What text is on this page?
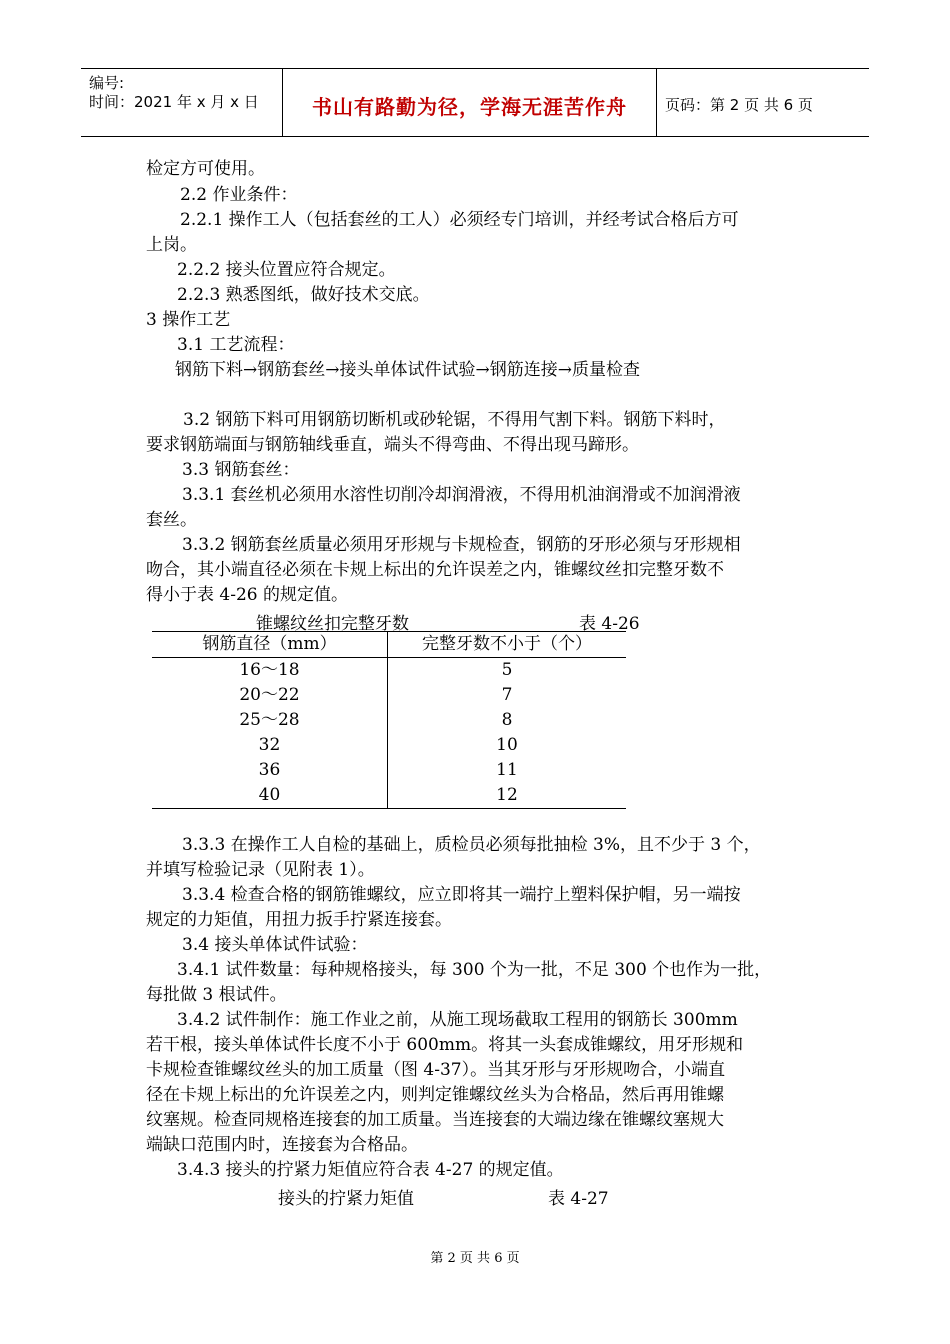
编号:
时间：2021 年 x 月 x 日	书山有路勤为径，学海无涯苦作舟	页码：第 2 页 共 6 页
检定方可使用。
2.2 作业条件：
2.2.1 操作工人（包括套丝的工人）必须经专门培训，并经考试合格后方可
上岗。
2.2.2 接头位置应符合规定。
2.2.3 熟悉图纸，做好技术交底。
3 操作工艺
3.1 工艺流程：
钢筋下料→钢筋套丝→接头单体试件试验→钢筋连接→质量检查
3.2 钢筋下料可用钢筋切断机或砂轮锯，不得用气割下料。钢筋下料时，
要求钢筋端面与钢筋轴线垂直，端头不得弯曲、不得出现马蹄形。
3.3 钢筋套丝：
3.3.1 套丝机必须用水溶性切削冷却润滑液，不得用机油润滑或不加润滑液
套丝。
3.3.2 钢筋套丝质量必须用牙形规与卡规检查，钢筋的牙形必须与牙形规相
吻合，其小端直径必须在卡规上标出的允许误差之内，锥螺纹丝扣完整牙数不
得小于表 4-26 的规定值。
锥螺纹丝扣完整牙数	表 4-26
钢筋直径（mm）	完整牙数不小于（个）
16～18	5
20～22	7
25～28	8
32	10
36	11
40	12
3.3.3 在操作工人自检的基础上，质检员必须每批抽检 3%，且不少于 3 个，
并填写检验记录（见附表 1）。
3.3.4 检查合格的钢筋锥螺纹，应立即将其一端拧上塑料保护帽，另一端按
规定的力矩值，用扭力扳手拧紧连接套。
3.4 接头单体试件试验：
3.4.1 试件数量：每种规格接头，每 300 个为一批，不足 300 个也作为一批，
每批做 3 根试件。
3.4.2 试件制作：施工作业之前，从施工现场截取工程用的钢筋长 300mm
若干根，接头单体试件长度不小于 600mm。将其一头套成锥螺纹，用牙形规和
卡规检查锥螺纹丝头的加工质量（图 4-37）。当其牙形与牙形规吻合，小端直
径在卡规上标出的允许误差之内，则判定锥螺纹丝头为合格品，然后再用锥螺
纹塞规。检查同规格连接套的加工质量。当连接套的大端边缘在锥螺纹塞规大
端缺口范围内时，连接套为合格品。
3.4.3 接头的拧紧力矩值应符合表 4-27 的规定值。
接头的拧紧力矩值	表 4-27
第 2 页 共 6 页
